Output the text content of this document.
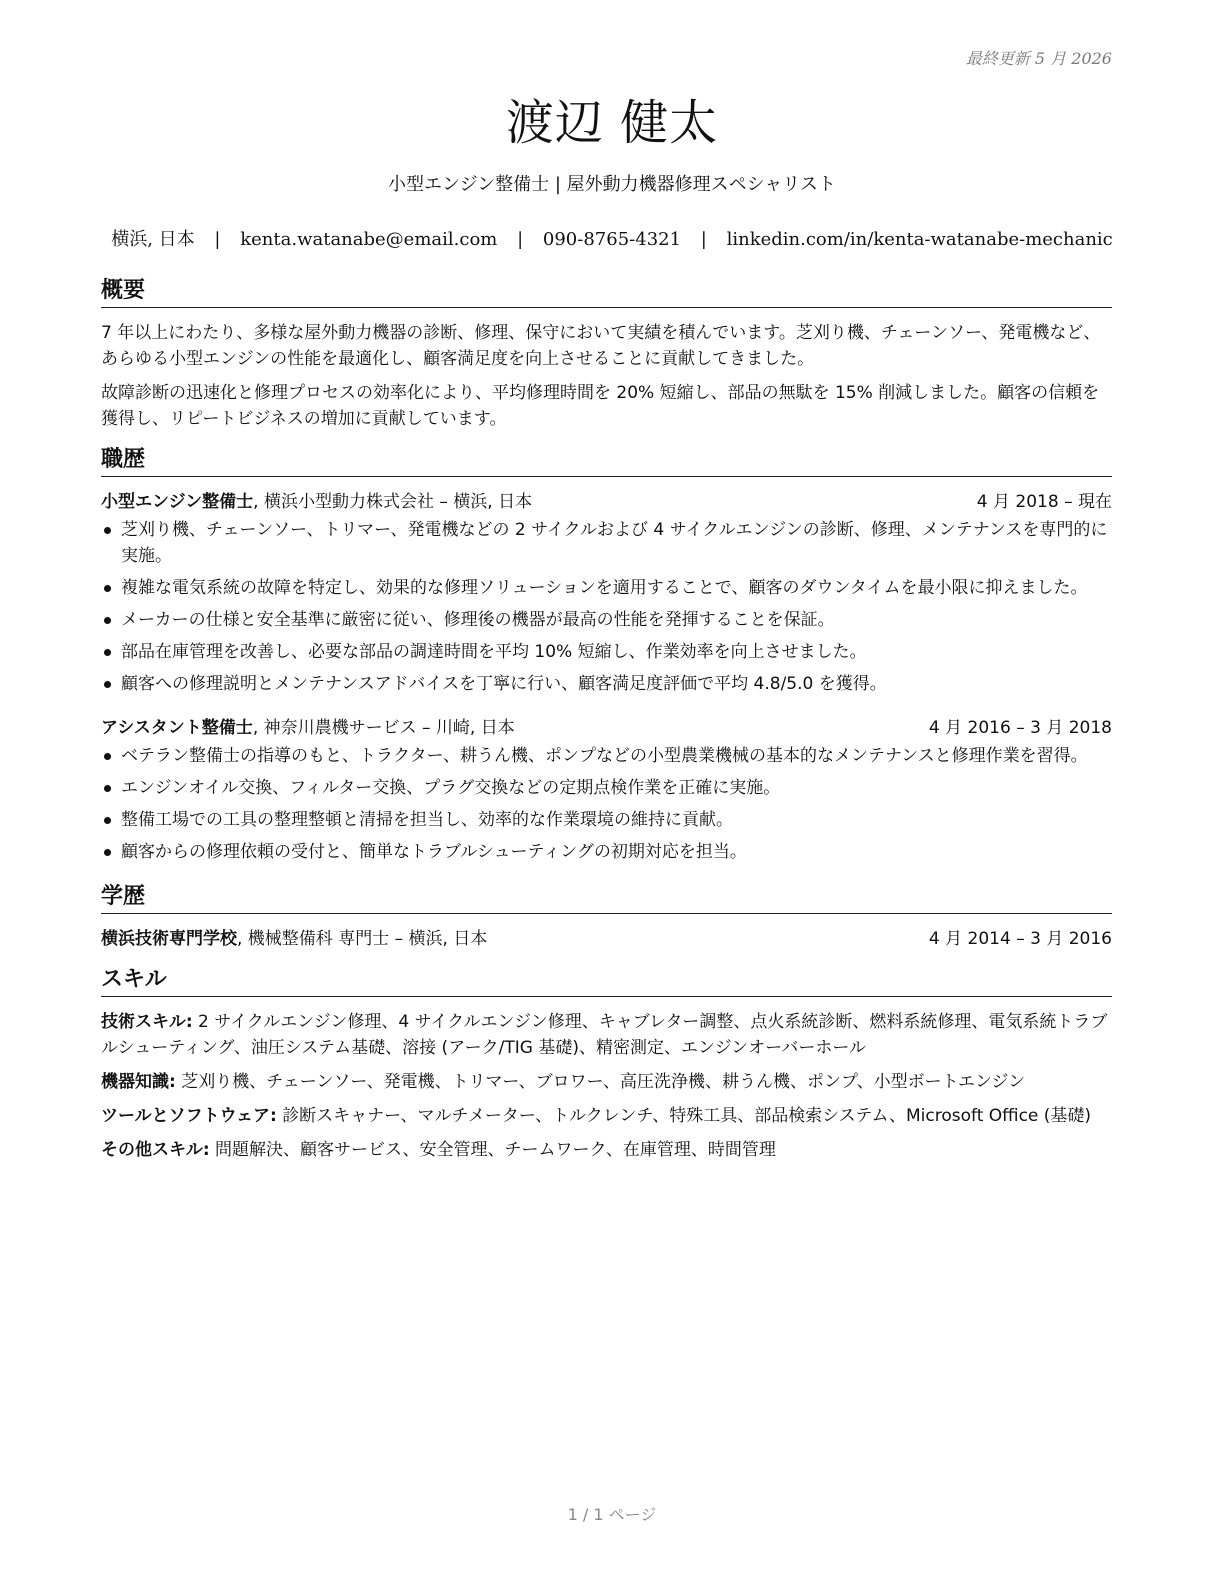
最終更新 5 月 2026
渡辺 健太
小型エンジン整備士 | 屋外動力機器修理スペシャリスト
横浜, 日本 | kenta.watanabe@email.com | 090-8765-4321 | linkedin.com/in/kenta-watanabe-mechanic
概要

7 年以上にわたり、多様な屋外動力機器の診断、修理、保守において実績を積んでいます。芝刈り機、チェーンソー、発電機など、あらゆる小型エンジンの性能を最適化し、顧客満足度を向上させることに貢献してきました。

故障診断の迅速化と修理プロセスの効率化により、平均修理時間を 20% 短縮し、部品の無駄を 15% 削減しました。顧客の信頼を獲得し、リピートビジネスの増加に貢献しています。

職歴
小型エンジン整備士, 横浜小型動力株式会社 – 横浜, 日本	4 月 2018 – 現在
芝刈り機、チェーンソー、トリマー、発電機などの 2 サイクルおよび 4 サイクルエンジンの診断、修理、メンテナンスを専門的に実施。
複雑な電気系統の故障を特定し、効果的な修理ソリューションを適用することで、顧客のダウンタイムを最小限に抑えました。
メーカーの仕様と安全基準に厳密に従い、修理後の機器が最高の性能を発揮することを保証。
部品在庫管理を改善し、必要な部品の調達時間を平均 10% 短縮し、作業効率を向上させました。
顧客への修理説明とメンテナンスアドバイスを丁寧に行い、顧客満足度評価で平均 4.8/5.0 を獲得。
アシスタント整備士, 神奈川農機サービス – 川崎, 日本	4 月 2016 – 3 月 2018
ベテラン整備士の指導のもと、トラクター、耕うん機、ポンプなどの小型農業機械の基本的なメンテナンスと修理作業を習得。
エンジンオイル交換、フィルター交換、プラグ交換などの定期点検作業を正確に実施。
整備工場での工具の整理整頓と清掃を担当し、効率的な作業環境の維持に貢献。
顧客からの修理依頼の受付と、簡単なトラブルシューティングの初期対応を担当。
学歴
横浜技術専門学校, 機械整備科 専門士 – 横浜, 日本	4 月 2014 – 3 月 2016
スキル

技術スキル: 2 サイクルエンジン修理、4 サイクルエンジン修理、キャブレター調整、点火系統診断、燃料系統修理、電気系統トラブルシューティング、油圧システム基礎、溶接 (アーク/TIG 基礎)、精密測定、エンジンオーバーホール

機器知識: 芝刈り機、チェーンソー、発電機、トリマー、ブロワー、高圧洗浄機、耕うん機、ポンプ、小型ボートエンジン

ツールとソフトウェア: 診断スキャナー、マルチメーター、トルクレンチ、特殊工具、部品検索システム、Microsoft Office (基礎)

その他スキル: 問題解決、顧客サービス、安全管理、チームワーク、在庫管理、時間管理

1 / 1 ページ
